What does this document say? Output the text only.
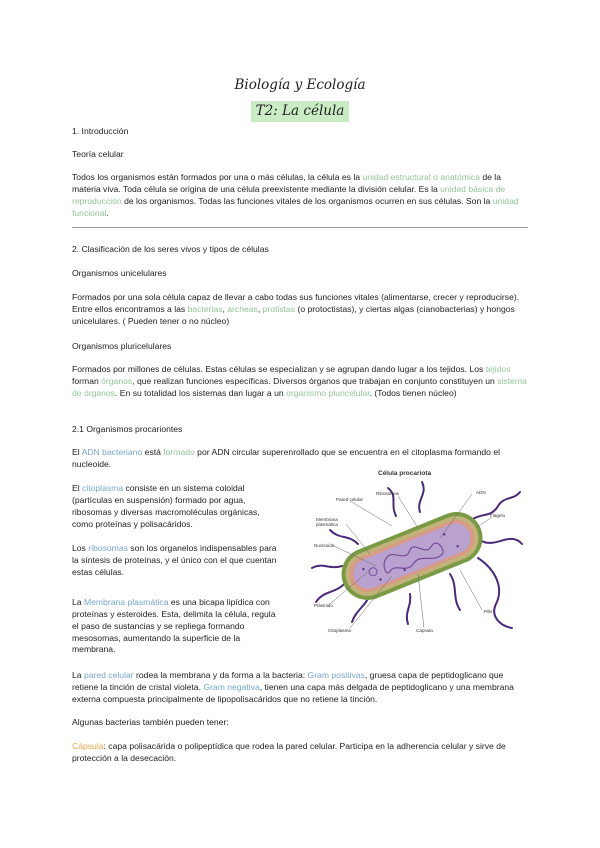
Biología y Ecología
T2: La célula
1. Introducción
Teoría celular
Todos los organismos están formados por una o más células, la célula es la unidad estructural o anatómica de la materia viva. Toda célula se origina de una célula preexistente mediante la división celular. Es la unidad básica de reproducción de los organismos. Todas las funciones vitales de los organismos ocurren en sus células. Son la unidad funcional.
2. Clasificación de los seres vivos y tipos de células
Organismos unicelulares
Formados por una sola célula capaz de llevar a cabo todas sus funciones vitales (alimentarse, crecer y reproducirse). Entre ellos encontramos a las bacterias, archeas, protistas (o protoctistas), y ciertas algas (cianobacterias) y hongos unicelulares. ( Pueden tener o no núcleo)
Organismos pluricelulares
Formados por millones de células. Estas células se especializan y se agrupan dando lugar a los tejidos. Los tejidos forman órganos, que realizan funciones específicas. Diversos órganos que trabajan en conjunto constituyen un sistema de órganos. En su totalidad los sistemas dan lugar a un organismo pluricelular. (Todos tienen núcleo)
2.1 Organismos procariontes
El ADN bacteriano está formado por ADN circular superenrollado que se encuentra en el citoplasma formando el nucleoide.
El citoplasma consiste en un sistema coloidal (partículas en suspensión) formado por agua, ribosomas y diversas macromoléculas orgánicas, como proteínas y polisacáridos.
Los ribosomas son los organelos indispensables para la síntesis de proteínas, y el único con el que cuentan estas células.
La Membrana plasmática es una bicapa lipídica con proteínas y esteroides. Esta, delimita la célula, regula el paso de sustancias y se repliega formando mesosomas, aumentando la superficie de la membrana.
Célula procariota
Pared celular
Ribosomas	ADN
Membrana plasmática
Flagelo
Nucleoide
Plásmido
Citoplasma	Cápsula
Pilis
La pared celular rodea la membrana y da forma a la bacteria: Gram positivas, gruesa capa de peptidoglicano que retiene la tinción de cristal violeta. Gram negativa, tienen una capa más delgada de peptidoglicano y una membrana externa compuesta principalmente de lipopolisacáridos que no retiene la tinción.
Algunas bacterias también pueden tener:
Cápsula: capa polisacárida o polipeptídica que rodea la pared celular. Participa en la adherencia celular y sirve de protección a la desecación.
